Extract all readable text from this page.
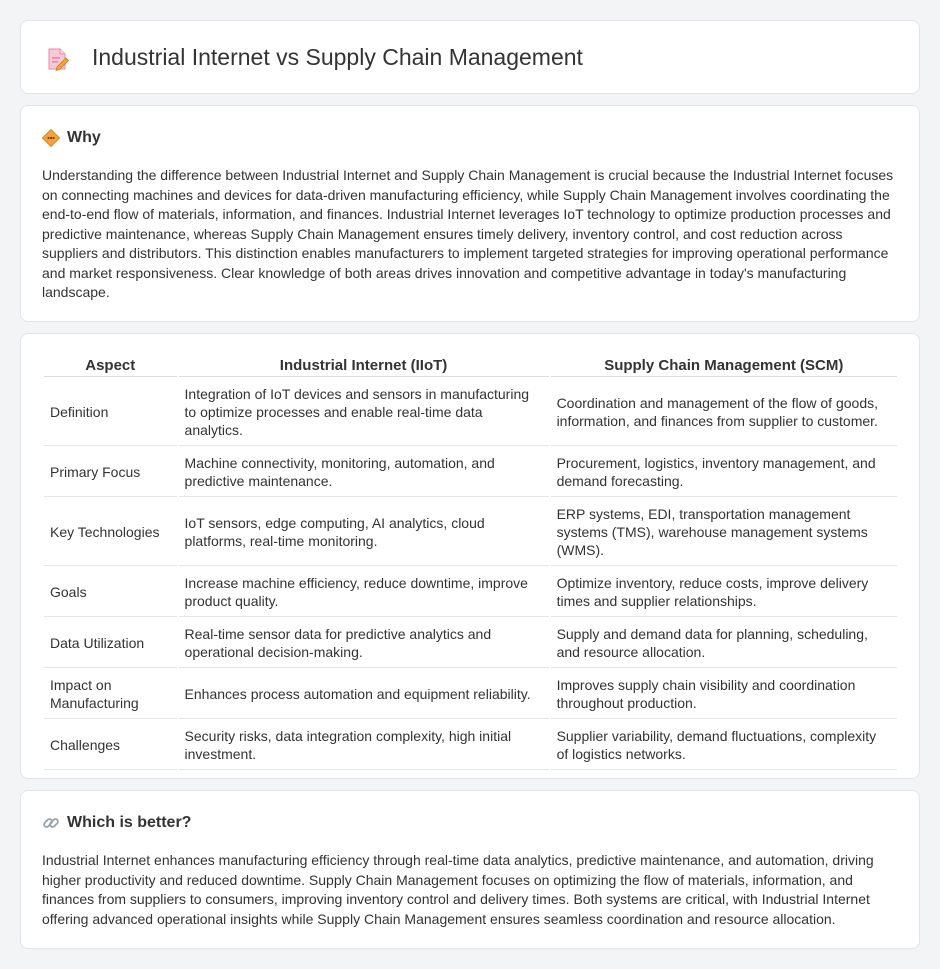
Industrial Internet vs Supply Chain Management
Why

Understanding the difference between Industrial Internet and Supply Chain Management is crucial because the Industrial Internet focuses on connecting machines and devices for data-driven manufacturing efficiency, while Supply Chain Management involves coordinating the end-to-end flow of materials, information, and finances. Industrial Internet leverages IoT technology to optimize production processes and predictive maintenance, whereas Supply Chain Management ensures timely delivery, inventory control, and cost reduction across suppliers and distributors. This distinction enables manufacturers to implement targeted strategies for improving operational performance and market responsiveness. Clear knowledge of both areas drives innovation and competitive advantage in today's manufacturing landscape.

Aspect	Industrial Internet (IIoT)	Supply Chain Management (SCM)
Definition	Integration of IoT devices and sensors in manufacturing to optimize processes and enable real-time data analytics.	Coordination and management of the flow of goods, information, and finances from supplier to customer.
Primary Focus	Machine connectivity, monitoring, automation, and predictive maintenance.	Procurement, logistics, inventory management, and demand forecasting.
Key Technologies	IoT sensors, edge computing, AI analytics, cloud platforms, real-time monitoring.	ERP systems, EDI, transportation management systems (TMS), warehouse management systems (WMS).
Goals	Increase machine efficiency, reduce downtime, improve product quality.	Optimize inventory, reduce costs, improve delivery times and supplier relationships.
Data Utilization	Real-time sensor data for predictive analytics and operational decision-making.	Supply and demand data for planning, scheduling, and resource allocation.
Impact on Manufacturing	Enhances process automation and equipment reliability.	Improves supply chain visibility and coordination throughout production.
Challenges	Security risks, data integration complexity, high initial investment.	Supplier variability, demand fluctuations, complexity of logistics networks.
Which is better?

Industrial Internet enhances manufacturing efficiency through real-time data analytics, predictive maintenance, and automation, driving higher productivity and reduced downtime. Supply Chain Management focuses on optimizing the flow of materials, information, and finances from suppliers to consumers, improving inventory control and delivery times. Both systems are critical, with Industrial Internet offering advanced operational insights while Supply Chain Management ensures seamless coordination and resource allocation.
